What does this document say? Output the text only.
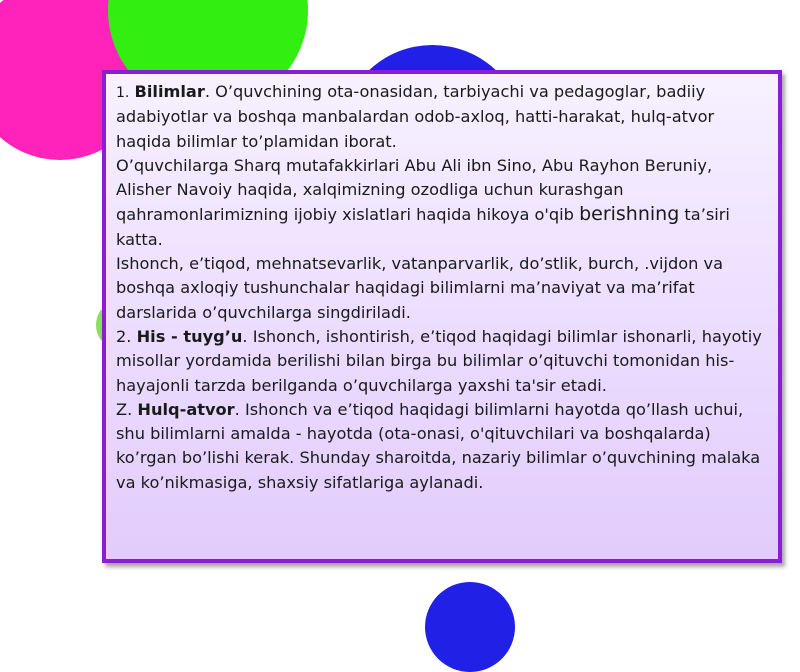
1. Bilimlar. O’quvchining ota-onasidan, tarbiyachi va pedagoglar, badiiy adabiyotlar va boshqa manbalardan odob-axloq, hatti-harakat, hulq-atvor haqida bilimlar to’plamidan iborat.

O’quvchilarga Sharq mutafakkirlari Abu Ali ibn Sino, Abu Rayhon Beruniy, Alisher Navoiy haqida, xalqimizning ozodliga uchun kurashgan qahramonlarimizning ijobiy xislatlari haqida hikoya o'qib berishning ta’siri katta.

Ishonch, e’tiqod, mehnatsevarlik, vatanparvarlik, do’stlik, burch, .vijdon va boshqa axloqiy tushunchalar haqidagi bilimlarni ma’naviyat va ma’rifat darslarida o’quvchilarga singdiriladi.

2. His - tuyg’u. Ishonch, ishontirish, e’tiqod haqidagi bilimlar ishonarli, hayotiy misollar yordamida berilishi bilan birga bu bilimlar o’qituvchi tomonidan his-hayajonli tarzda berilganda o’quvchilarga yaxshi ta'sir etadi.

Z. Hulq-atvor. Ishonch va e’tiqod haqidagi bilimlarni hayotda qo’llash uchui, shu bilimlarni amalda - hayotda (ota-onasi, o'qituvchilari va boshqalarda) ko’rgan bo’lishi kerak. Shunday sharoitda, nazariy bilimlar o’quvchining malaka va ko’nikmasiga, shaxsiy sifatlariga aylanadi.
